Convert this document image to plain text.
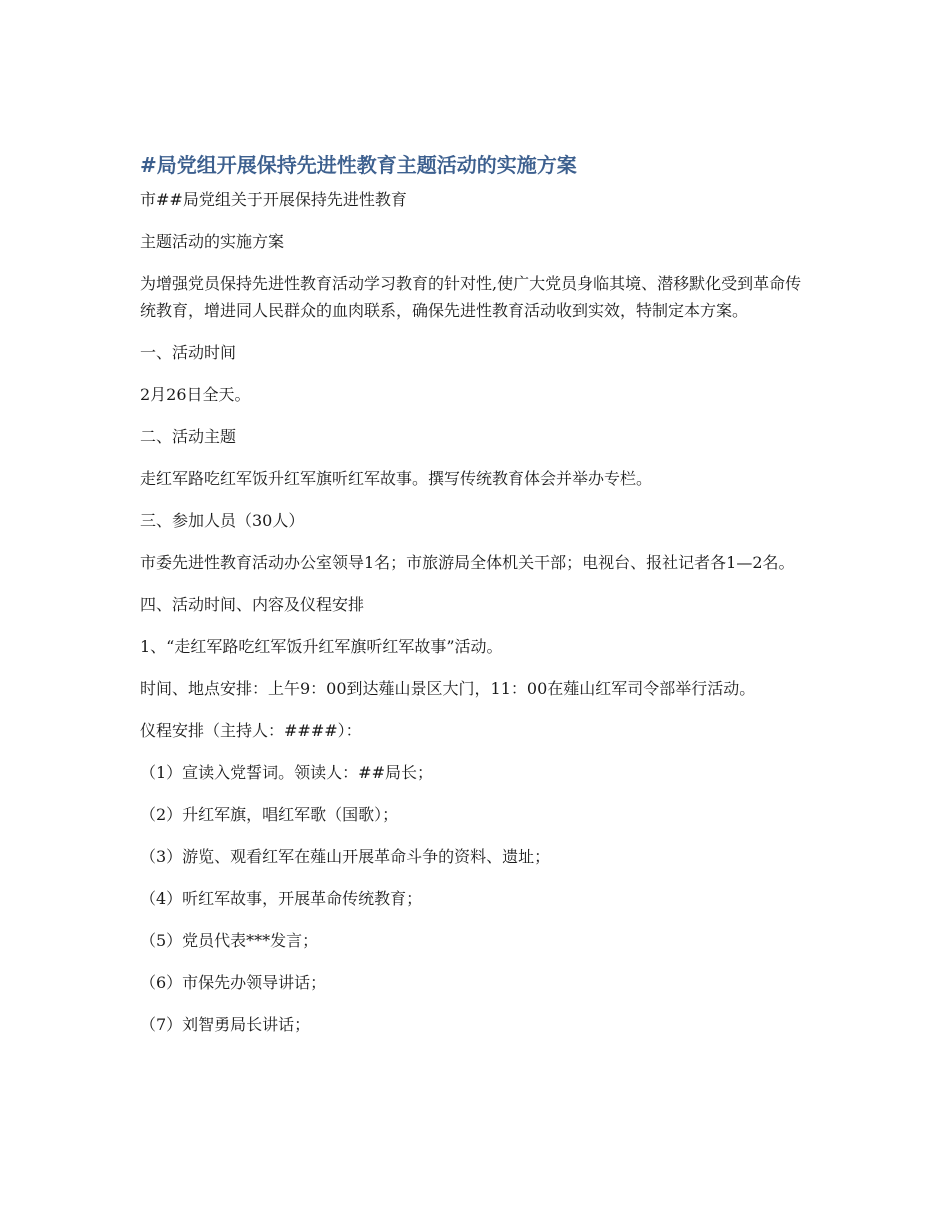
#局党组开展保持先进性教育主题活动的实施方案

市##局党组关于开展保持先进性教育

主题活动的实施方案

为增强党员保持先进性教育活动学习教育的针对性,使广大党员身临其境、潜移默化受到革命传统教育，增进同人民群众的血肉联系，确保先进性教育活动收到实效，特制定本方案。

一、活动时间

2月26日全天。

二、活动主题

走红军路吃红军饭升红军旗听红军故事。撰写传统教育体会并举办专栏。

三、参加人员（30人）

市委先进性教育活动办公室领导1名；市旅游局全体机关干部；电视台、报社记者各1—2名。

四、活动时间、内容及仪程安排

1、“走红军路吃红军饭升红军旗听红军故事”活动。

时间、地点安排：上午9：00到达薤山景区大门，11：00在薤山红军司令部举行活动。

仪程安排（主持人：####）：

（1）宣读入党誓词。领读人：##局长；

（2）升红军旗，唱红军歌（国歌）；

（3）游览、观看红军在薤山开展革命斗争的资料、遗址；

（4）听红军故事，开展革命传统教育；

（5）党员代表***发言；

（6）市保先办领导讲话；

（7）刘智勇局长讲话；
